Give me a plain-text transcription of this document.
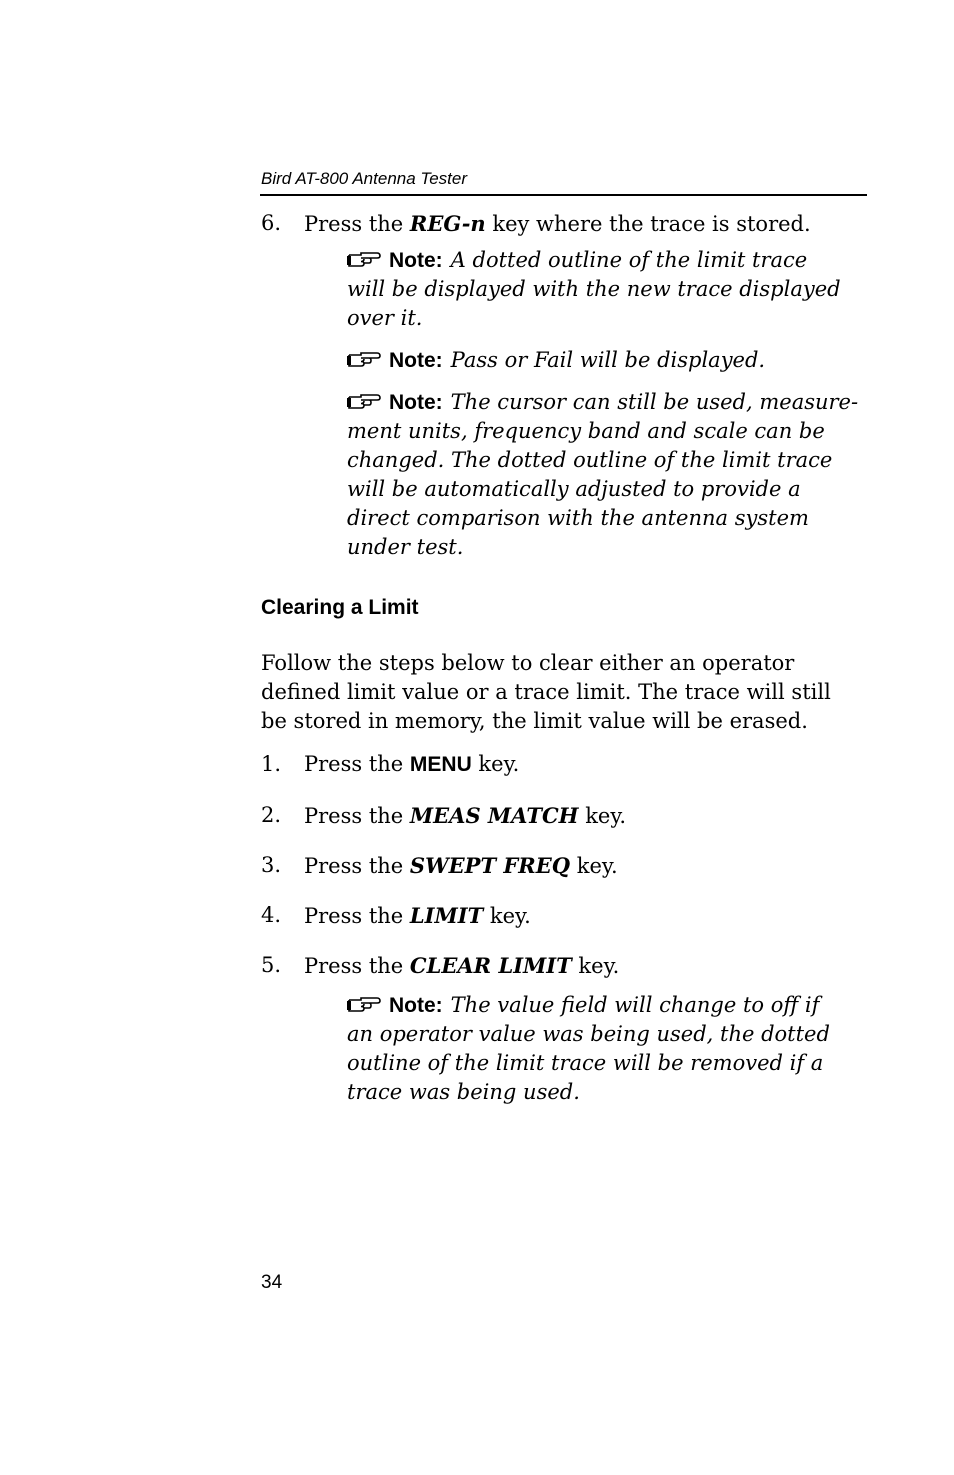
Bird AT-800 Antenna Tester
6. Press the REG-n key where the trace is stored.
Note: A dotted outline of the limit trace
will be displayed with the new trace displayed
over it.
Note: Pass or Fail will be displayed.
Note: The cursor can still be used, measure-
ment units, frequency band and scale can be
changed. The dotted outline of the limit trace
will be automatically adjusted to provide a
direct comparison with the antenna system
under test.
Clearing a Limit
Follow the steps below to clear either an operator
defined limit value or a trace limit. The trace will still
be stored in memory, the limit value will be erased.
1. Press the MENU key.
2. Press the MEAS MATCH key.
3. Press the SWEPT FREQ key.
4. Press the LIMIT key.
5. Press the CLEAR LIMIT key.
Note: The value field will change to off if
an operator value was being used, the dotted
outline of the limit trace will be removed if a
trace was being used.
34
